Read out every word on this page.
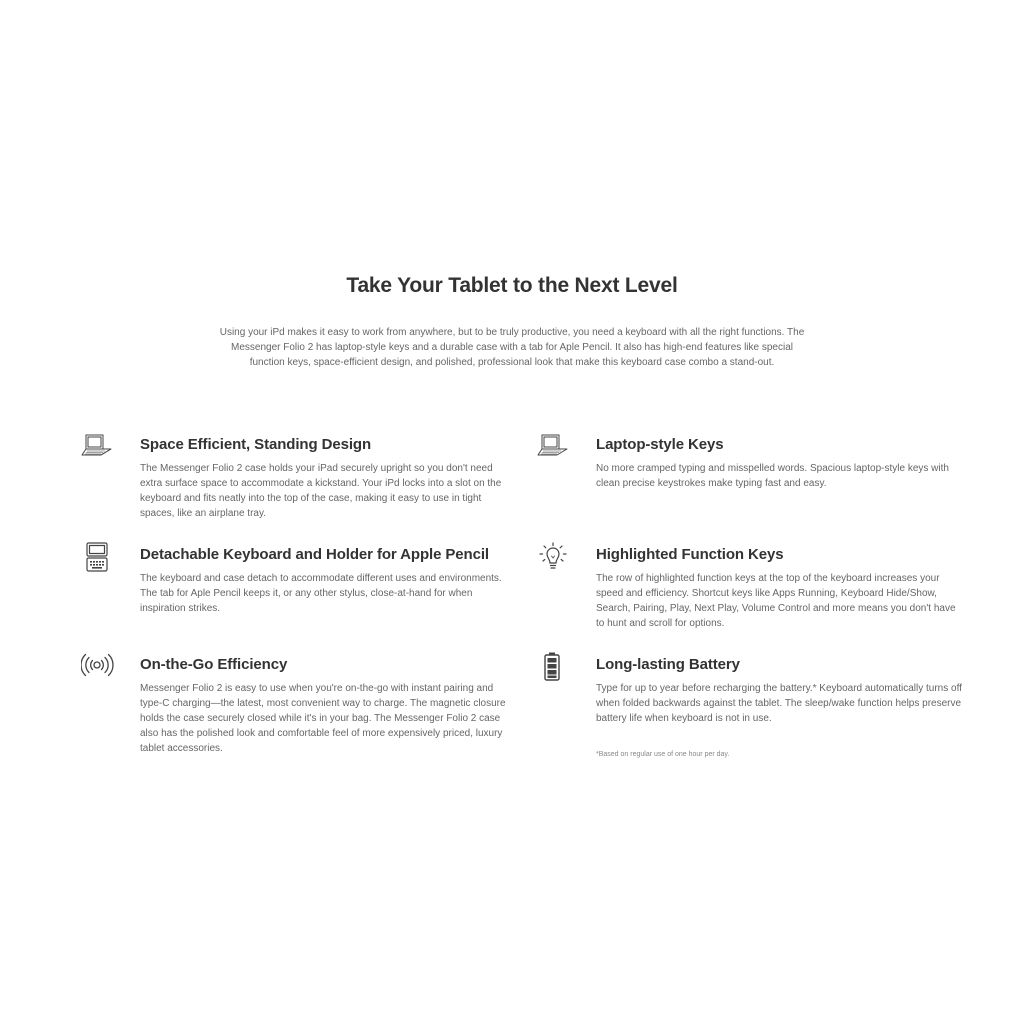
Take Your Tablet to the Next Level

Using your iPd makes it easy to work from anywhere, but to be truly productive, you need a keyboard with all the right functions. The Messenger Folio 2 has laptop-style keys and a durable case with a tab for Aple Pencil. It also has high-end features like special function keys, space-efficient design, and polished, professional look that make this keyboard case combo a stand-out.

Space Efficient, Standing Design

The Messenger Folio 2 case holds your iPad securely upright so you don't need extra surface space to accommodate a kickstand. Your iPd locks into a slot on the keyboard and fits neatly into the top of the case, making it easy to use in tight spaces, like an airplane tray.

Laptop-style Keys

No more cramped typing and misspelled words. Spacious laptop-style keys with clean precise keystrokes make typing fast and easy.

Detachable Keyboard and Holder for Apple Pencil

The keyboard and case detach to accommodate different uses and environments. The tab for Aple Pencil keeps it, or any other stylus, close-at-hand for when inspiration strikes.

Highlighted Function Keys

The row of highlighted function keys at the top of the keyboard increases your speed and efficiency. Shortcut keys like Apps Running, Keyboard Hide/Show, Search, Pairing, Play, Next Play, Volume Control and more means you don't have to hunt and scroll for options.

On-the-Go Efficiency

Messenger Folio 2 is easy to use when you're on-the-go with instant pairing and type-C charging—the latest, most convenient way to charge. The magnetic closure holds the case securely closed while it's in your bag. The Messenger Folio 2 case also has the polished look and comfortable feel of more expensively priced, luxury tablet accessories.

Long-lasting Battery

Type for up to year before recharging the battery.* Keyboard automatically turns off when folded backwards against the tablet. The sleep/wake function helps preserve battery life when keyboard is not in use.

*Based on regular use of one hour per day.
